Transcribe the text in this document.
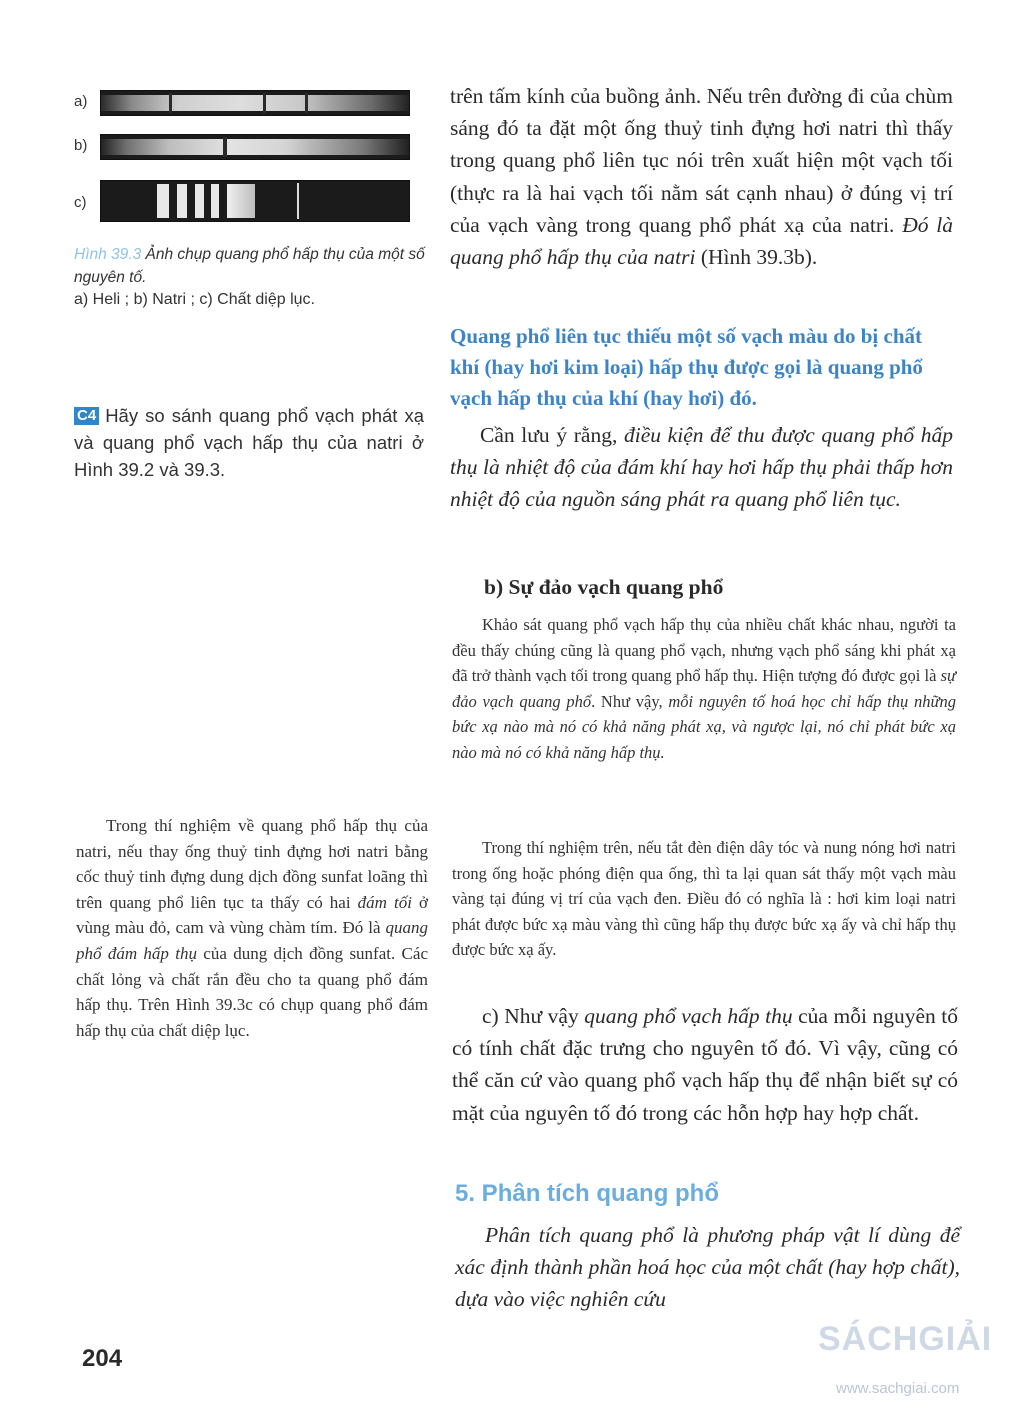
a)
b)
c)
Hình 39.3 Ảnh chụp quang phổ hấp thụ của một số nguyên tố.
a) Heli ; b) Natri ; c) Chất diệp lục.
C4 Hãy so sánh quang phổ vạch phát xạ và quang phổ vạch hấp thụ của natri ở Hình 39.2 và 39.3.
Trong thí nghiệm về quang phổ hấp thụ của natri, nếu thay ống thuỷ tinh đựng hơi natri bằng cốc thuỷ tinh đựng dung dịch đồng sunfat loãng thì trên quang phổ liên tục ta thấy có hai đám tối ở vùng màu đỏ, cam và vùng chàm tím. Đó là quang phổ đám hấp thụ của dung dịch đồng sunfat. Các chất lỏng và chất rắn đều cho ta quang phổ đám hấp thụ. Trên Hình 39.3c có chụp quang phổ đám hấp thụ của chất diệp lục.
trên tấm kính của buồng ảnh. Nếu trên đường đi của chùm sáng đó ta đặt một ống thuỷ tinh đựng hơi natri thì thấy trong quang phổ liên tục nói trên xuất hiện một vạch tối (thực ra là hai vạch tối nằm sát cạnh nhau) ở đúng vị trí của vạch vàng trong quang phổ phát xạ của natri. Đó là quang phổ hấp thụ của natri (Hình 39.3b).
Quang phổ liên tục thiếu một số vạch màu do bị chất khí (hay hơi kim loại) hấp thụ được gọi là quang phổ vạch hấp thụ của khí (hay hơi) đó.
Cần lưu ý rằng, điều kiện để thu được quang phổ hấp thụ là nhiệt độ của đám khí hay hơi hấp thụ phải thấp hơn nhiệt độ của nguồn sáng phát ra quang phổ liên tục.
b) Sự đảo vạch quang phổ
Khảo sát quang phổ vạch hấp thụ của nhiều chất khác nhau, người ta đều thấy chúng cũng là quang phổ vạch, nhưng vạch phổ sáng khi phát xạ đã trở thành vạch tối trong quang phổ hấp thụ. Hiện tượng đó được gọi là sự đảo vạch quang phổ. Như vậy, mỗi nguyên tố hoá học chỉ hấp thụ những bức xạ nào mà nó có khả năng phát xạ, và ngược lại, nó chỉ phát bức xạ nào mà nó có khả năng hấp thụ.
Trong thí nghiệm trên, nếu tắt đèn điện dây tóc và nung nóng hơi natri trong ống hoặc phóng điện qua ống, thì ta lại quan sát thấy một vạch màu vàng tại đúng vị trí của vạch đen. Điều đó có nghĩa là : hơi kim loại natri phát được bức xạ màu vàng thì cũng hấp thụ được bức xạ ấy và chỉ hấp thụ được bức xạ ấy.
c) Như vậy quang phổ vạch hấp thụ của mỗi nguyên tố có tính chất đặc trưng cho nguyên tố đó. Vì vậy, cũng có thể căn cứ vào quang phổ vạch hấp thụ để nhận biết sự có mặt của nguyên tố đó trong các hỗn hợp hay hợp chất.
5. Phân tích quang phổ
Phân tích quang phổ là phương pháp vật lí dùng để xác định thành phần hoá học của một chất (hay hợp chất), dựa vào việc nghiên cứu
204
SÁCHGIẢI
www.sachgiai.com
